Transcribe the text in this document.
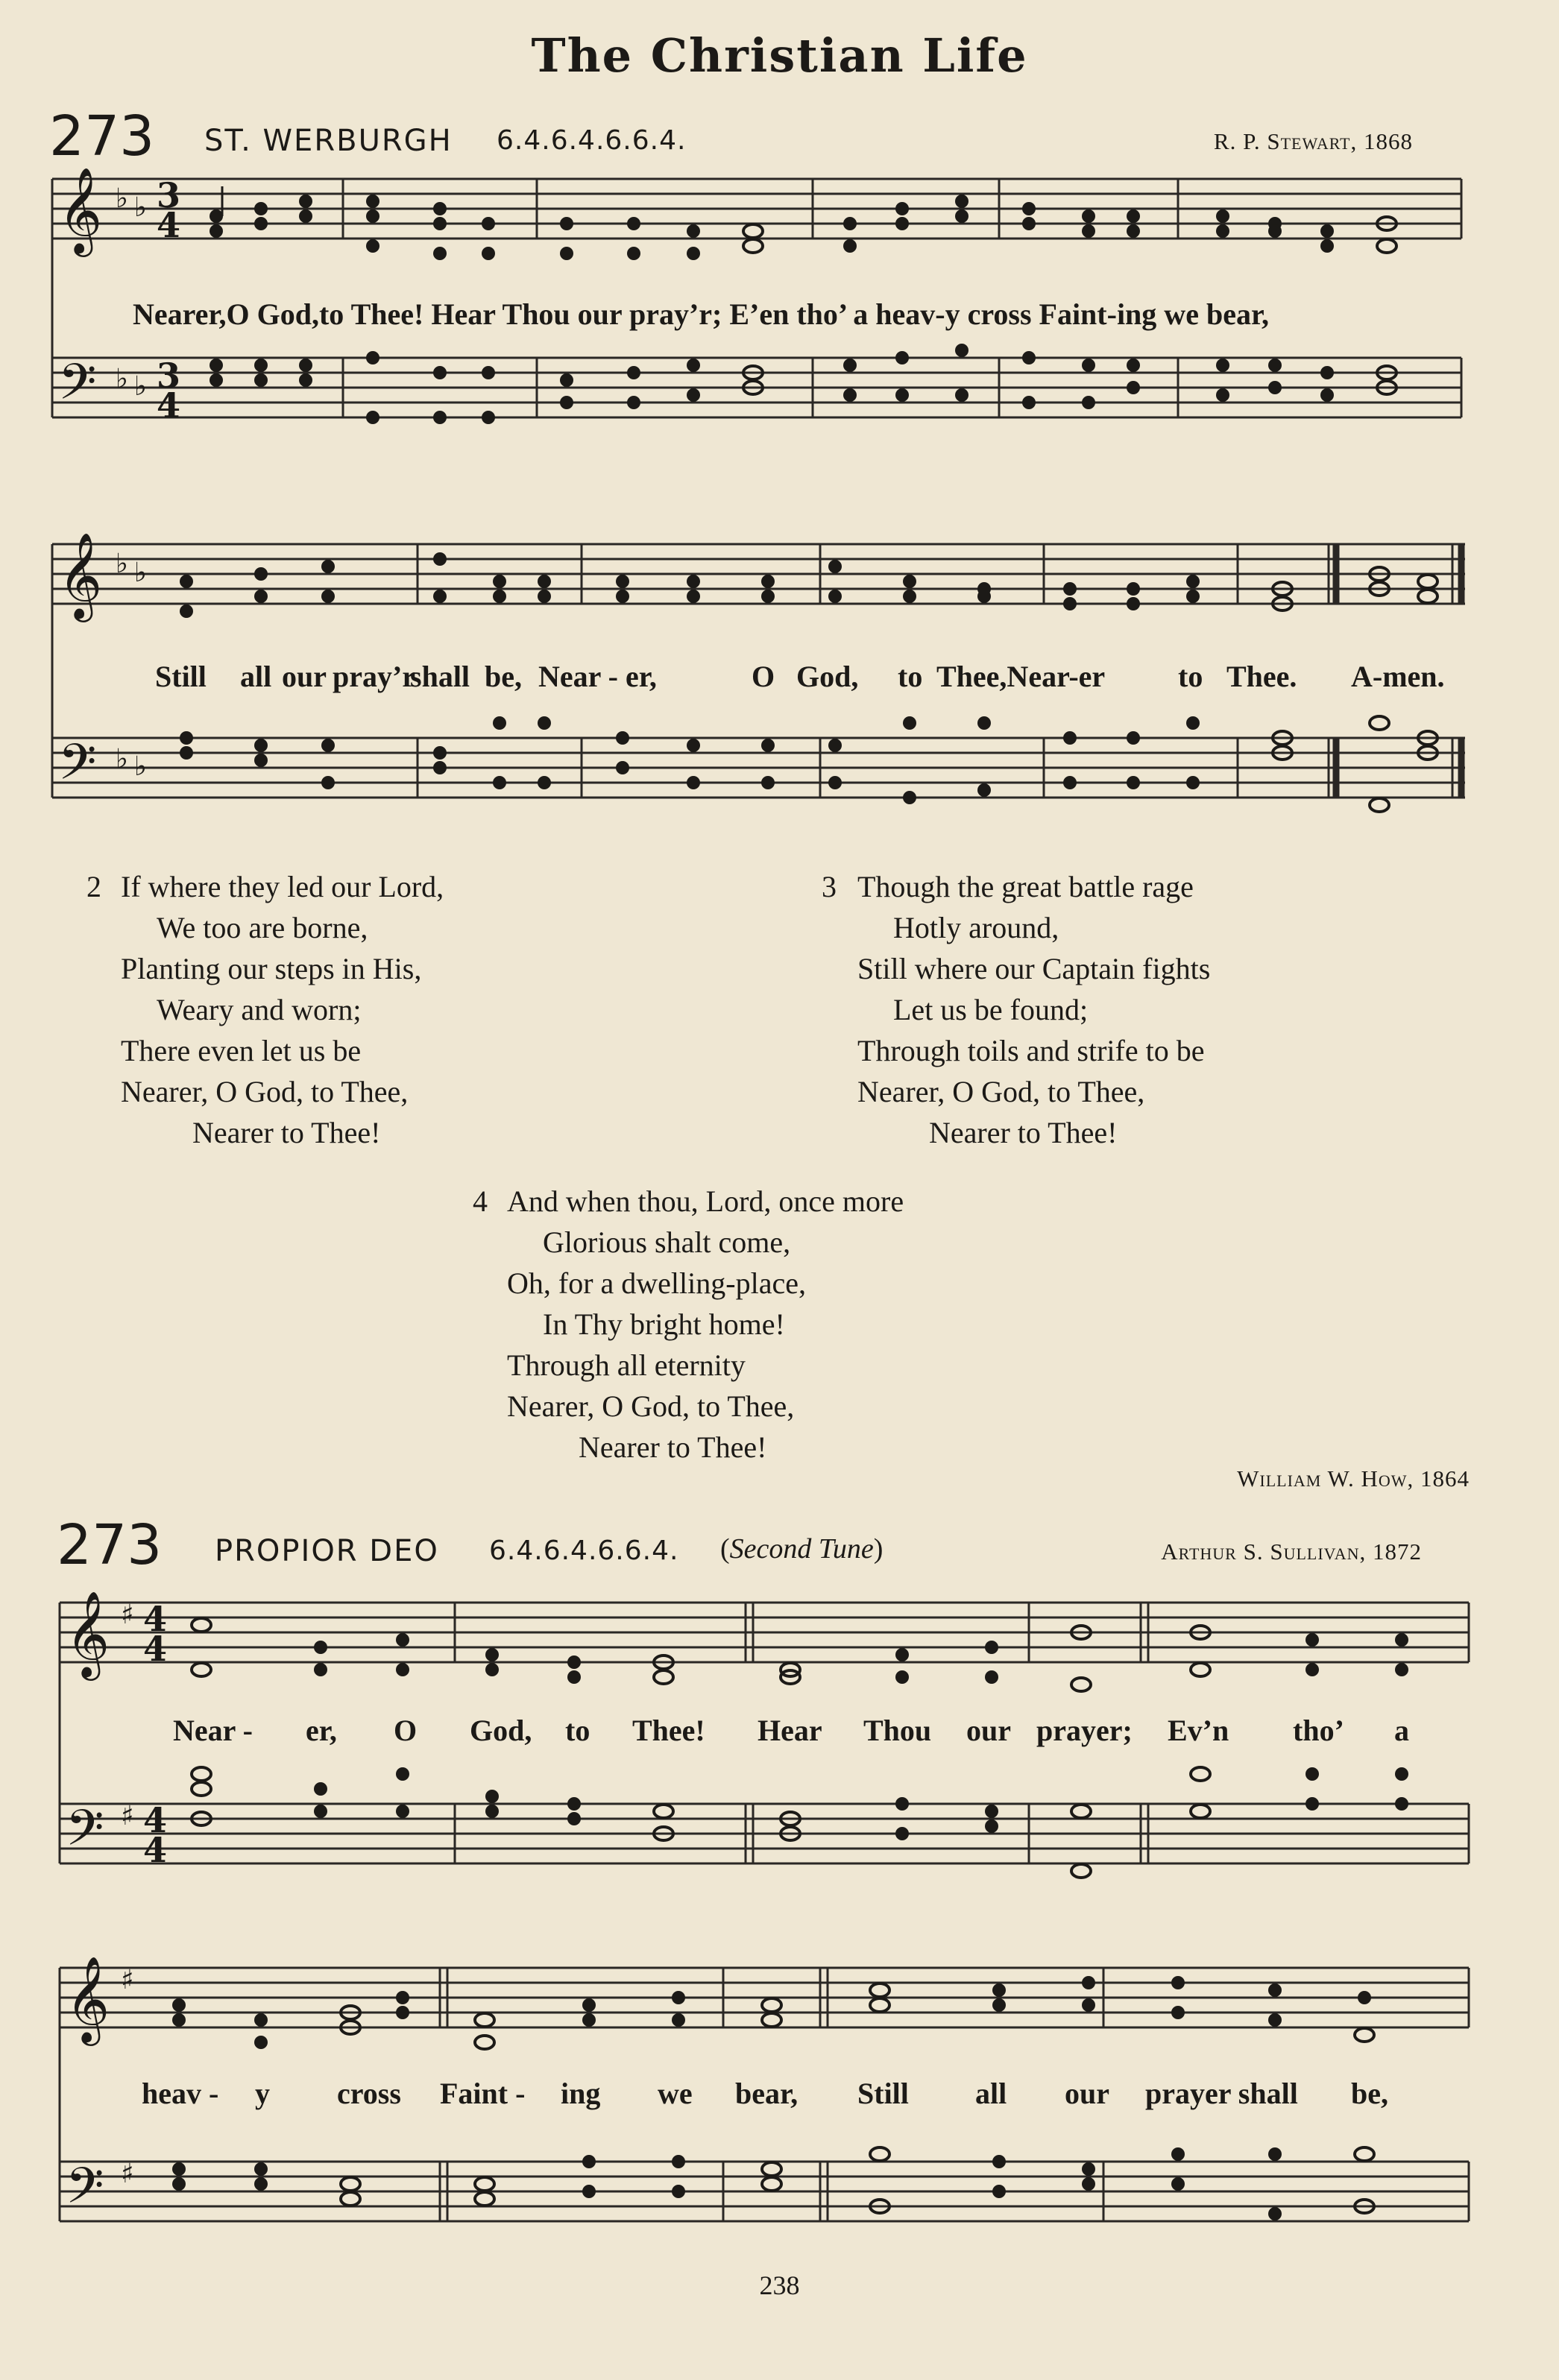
The Christian Life
273 ST. WERBURGH 6.4.6.4.6.6.4.	R. P. Stewart, 1868
𝄞
𝄢
♭ ♭
♭ ♭
3
4
3
4
Nearer,O God,to Thee! Hear Thou our pray’r; E’en tho’ a heav-y cross Faint-ing we bear,
𝄞
𝄢
♭ ♭
♭ ♭
Still all our pray’r
shall be, Near - er,	O God, to Thee,Near-er to Thee. A-men.
2 If where they led our Lord,
We too are borne,
Planting our steps in His,
Weary and worn;
There even let us be
Nearer, O God, to Thee,
Nearer to Thee!
3 Though the great battle rage
Hotly around,
Still where our Captain fights
Let us be found;
Through toils and strife to be
Nearer, O God, to Thee,
Nearer to Thee!
4 And when thou, Lord, once more
Glorious shalt come,
Oh, for a dwelling-place,
In Thy bright home!
Through all eternity
Nearer, O God, to Thee,
Nearer to Thee!
William W. How, 1864
273 PROPIOR DEO 6.4.6.4.6.6.4. (Second Tune)	Arthur S. Sullivan, 1872
𝄞
𝄢
♯
♯
4
4
4
4
Near - er, O God, to Thee! Hear Thou our prayer; Ev’n tho’ a
𝄞
𝄢
♯
♯
heav - y cross Faint - ing we bear, Still all our prayer shall be,
238
